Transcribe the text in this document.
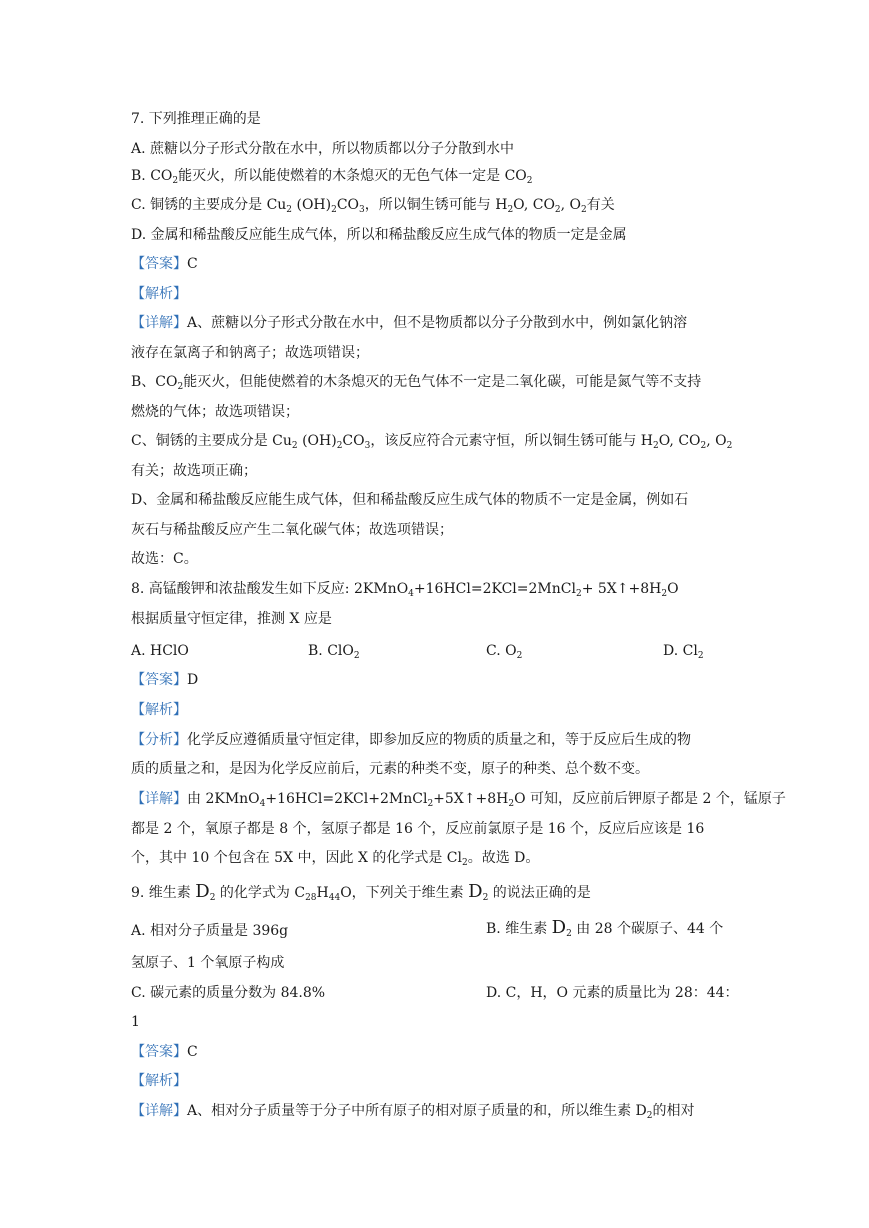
7. 下列推理正确的是
A. 蔗糖以分子形式分散在水中，所以物质都以分子分散到水中
B. $CO_2$能灭火，所以能使燃着的木条熄灭的无色气体一定是 $CO_2$
C. 铜锈的主要成分是 $Cu_2$ $(OH)_2CO_3$，所以铜生锈可能与 $H_2O$, $CO_2$, $O_2$有关
D. 金属和稀盐酸反应能生成气体，所以和稀盐酸反应生成气体的物质一定是金属
【答案】C
【解析】
【详解】A、蔗糖以分子形式分散在水中，但不是物质都以分子分散到水中，例如氯化钠溶
液存在氯离子和钠离子；故选项错误；
B、$CO_2$能灭火，但能使燃着的木条熄灭的无色气体不一定是二氧化碳，可能是氮气等不支持
燃烧的气体；故选项错误；
C、铜锈的主要成分是 $Cu_2$ $(OH)_2CO_3$，该反应符合元素守恒，所以铜生锈可能与 $H_2O$, $CO_2$, $O_2$
有关；故选项正确；
D、金属和稀盐酸反应能生成气体，但和稀盐酸反应生成气体的物质不一定是金属，例如石
灰石与稀盐酸反应产生二氧化碳气体；故选项错误；
故选：C。
8. 高锰酸钾和浓盐酸发生如下反应: 2KMnO$_4$+16HCl=2KCl=2MnCl$_2$+ $5X↑+8H_2O$
根据质量守恒定律，推测 X 应是
A. HClO	B. ClO$_2$	C. $O_2$	D. $Cl_2$
【答案】D
【解析】
【分析】化学反应遵循质量守恒定律，即参加反应的物质的质量之和，等于反应后生成的物
质的质量之和，是因为化学反应前后，元素的种类不变，原子的种类、总个数不变。
【详解】由 $2KMnO_4+16HCl=2KCl+2MnCl_2+5X↑+8H_2O$ 可知，反应前后钾原子都是 2 个，锰原子
都是 2 个，氧原子都是 8 个，氢原子都是 16 个，反应前氯原子是 16 个，反应后应该是 16
个，其中 10 个包含在 5X 中，因此 X 的化学式是 $Cl_2$。故选 D。
9. 维生素 $D_2$ 的化学式为 $C_{28}H_{44}O$，下列关于维生素 $D_2$ 的说法正确的是
A. 相对分子质量是 396g	B. 维生素 $D_2$ 由 28 个碳原子、44 个
氢原子、1 个氧原子构成
C. 碳元素的质量分数为 84.8%	D. C，H，O 元素的质量比为 28：44：
1
【答案】C
【解析】
【详解】A、相对分子质量等于分子中所有原子的相对原子质量的和，所以维生素 $D_2$的相对
